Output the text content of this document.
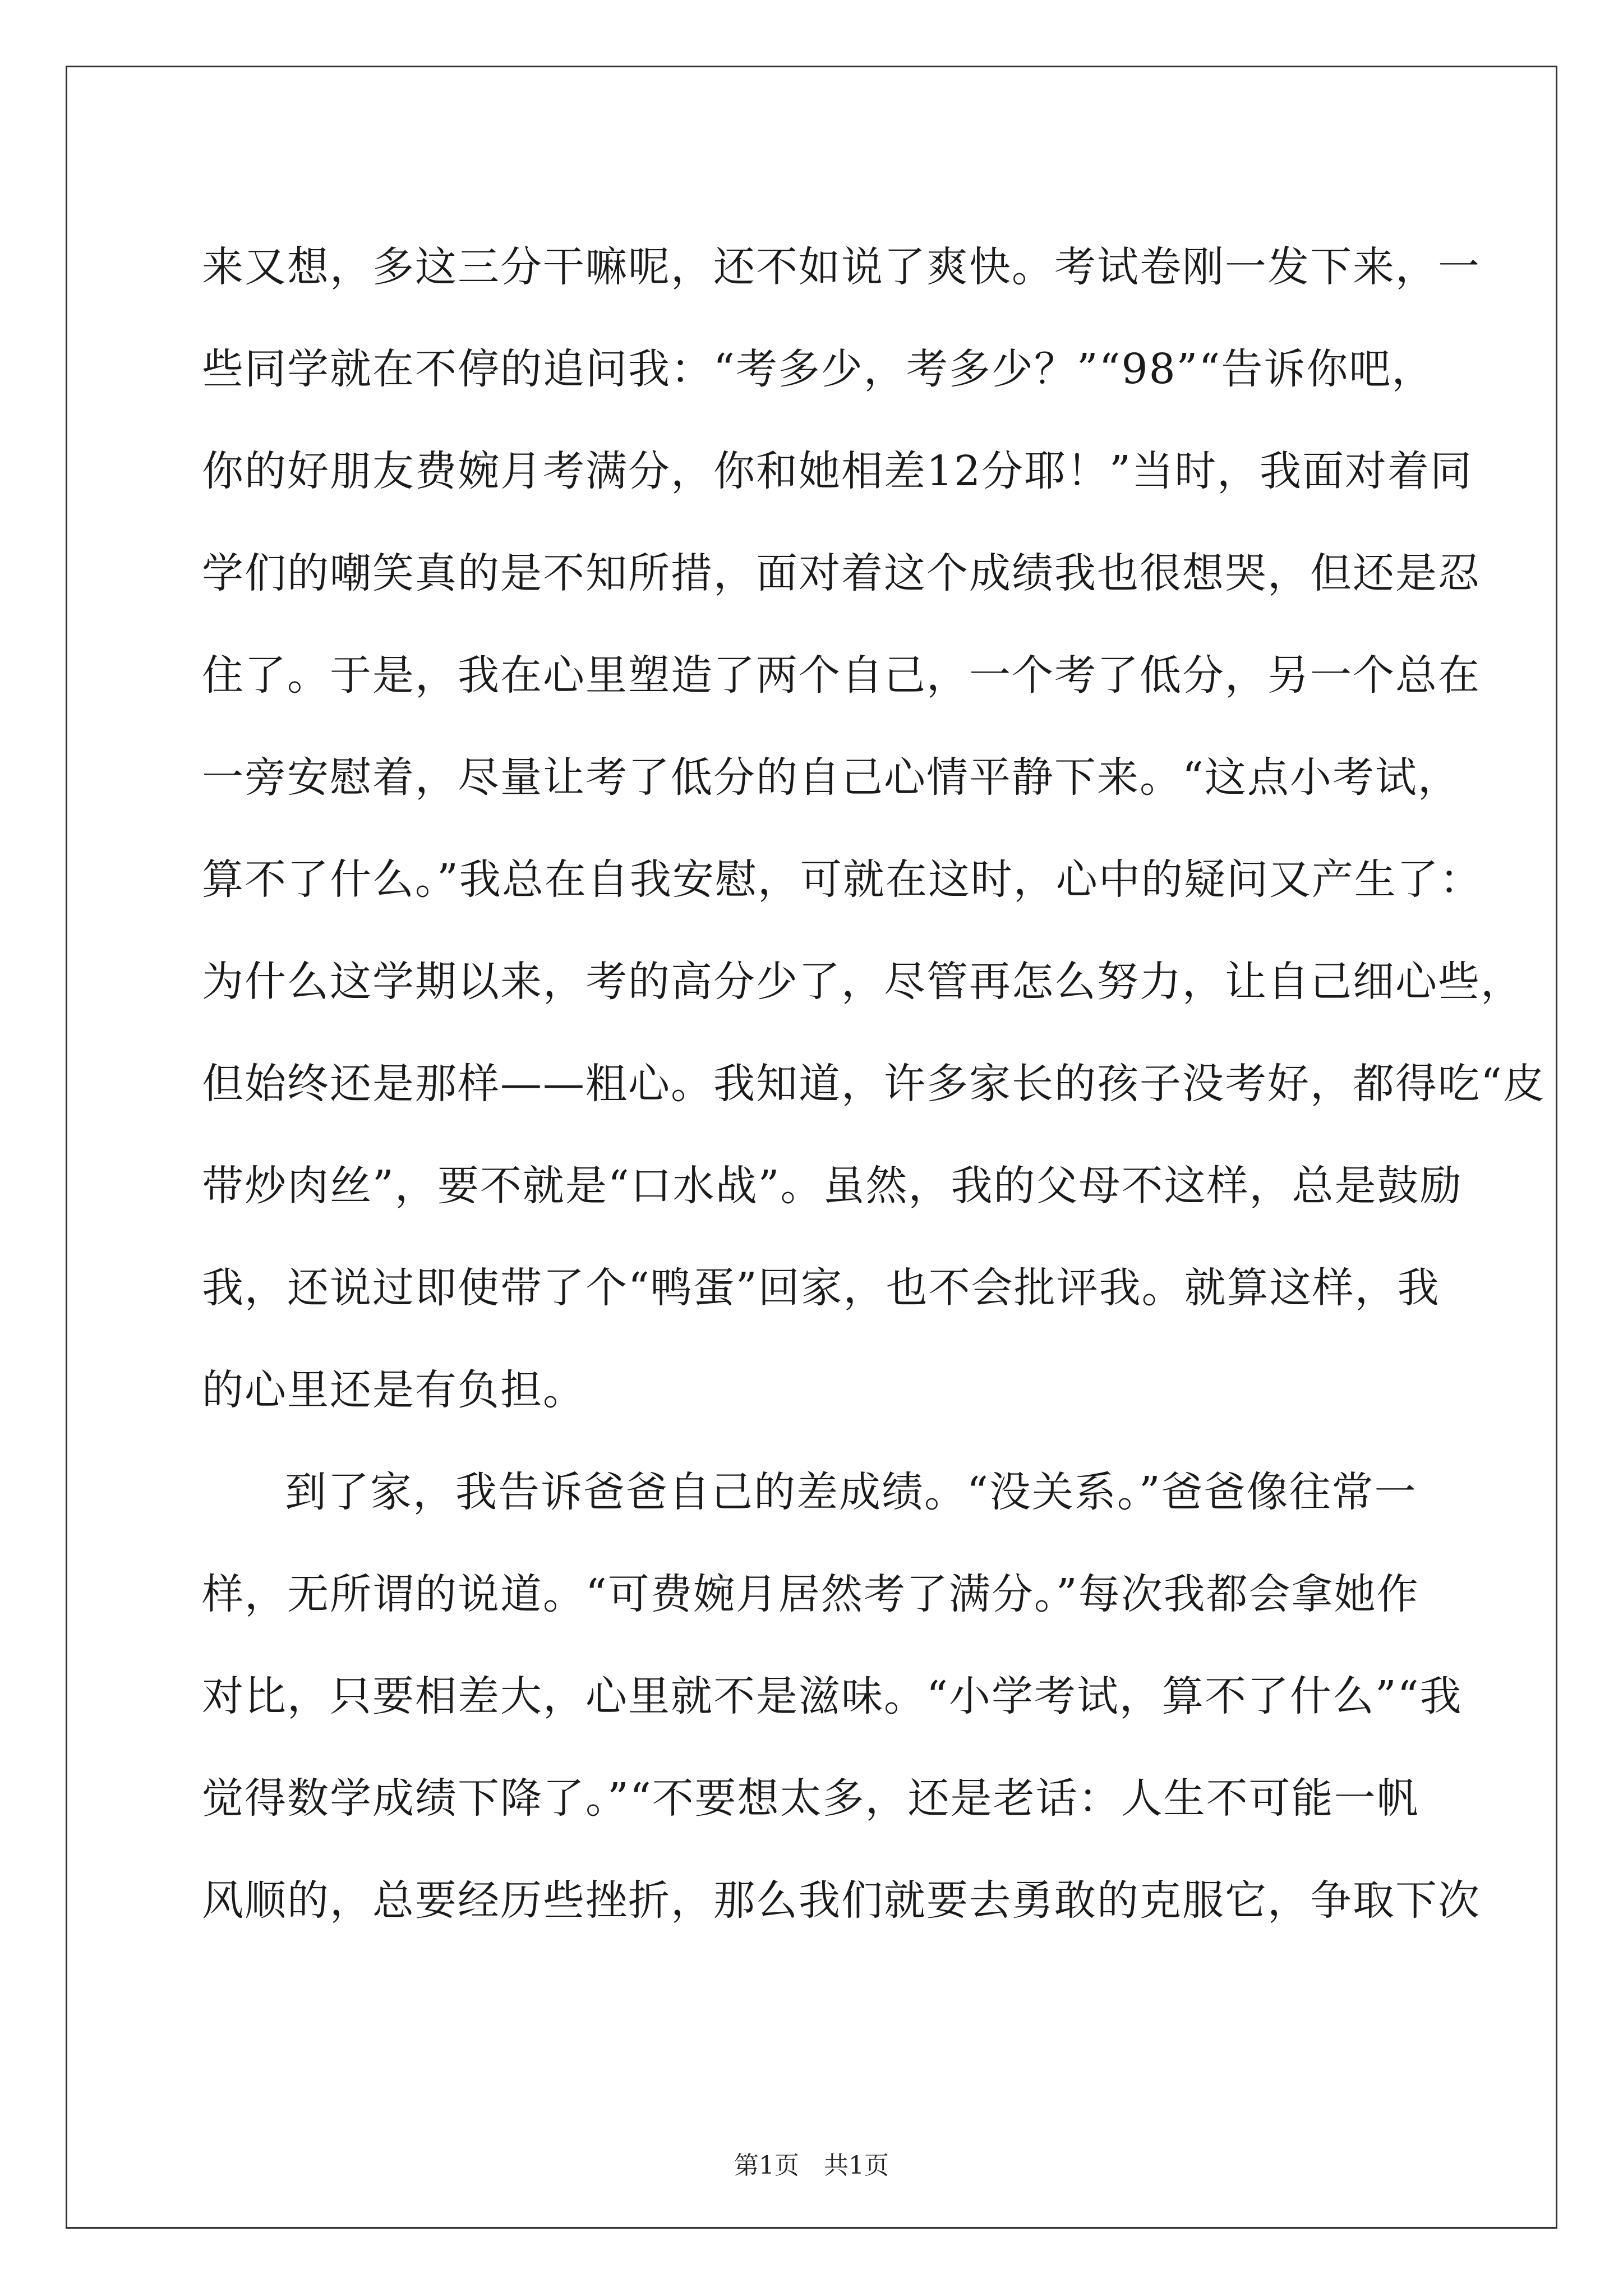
来又想，多这三分干嘛呢，还不如说了爽快。考试卷刚一发下来，一
些同学就在不停的追问我：“考多少，考多少？”“98”“告诉你吧，
你的好朋友费婉月考满分，你和她相差12分耶！”当时，我面对着同
学们的嘲笑真的是不知所措，面对着这个成绩我也很想哭，但还是忍
住了。于是，我在心里塑造了两个自己，一个考了低分，另一个总在
一旁安慰着，尽量让考了低分的自己心情平静下来。“这点小考试，
算不了什么。”我总在自我安慰，可就在这时，心中的疑问又产生了：
为什么这学期以来，考的高分少了，尽管再怎么努力，让自己细心些，
但始终还是那样——粗心。我知道，许多家长的孩子没考好，都得吃“皮
带炒肉丝”，要不就是“口水战”。虽然，我的父母不这样，总是鼓励
我，还说过即使带了个“鸭蛋”回家，也不会批评我。就算这样，我
的心里还是有负担。
到了家，我告诉爸爸自己的差成绩。“没关系。”爸爸像往常一
样，无所谓的说道。“可费婉月居然考了满分。”每次我都会拿她作
对比，只要相差大，心里就不是滋味。“小学考试，算不了什么”“我
觉得数学成绩下降了。”“不要想太多，还是老话：人生不可能一帆
风顺的，总要经历些挫折，那么我们就要去勇敢的克服它，争取下次
第1页　共1页
